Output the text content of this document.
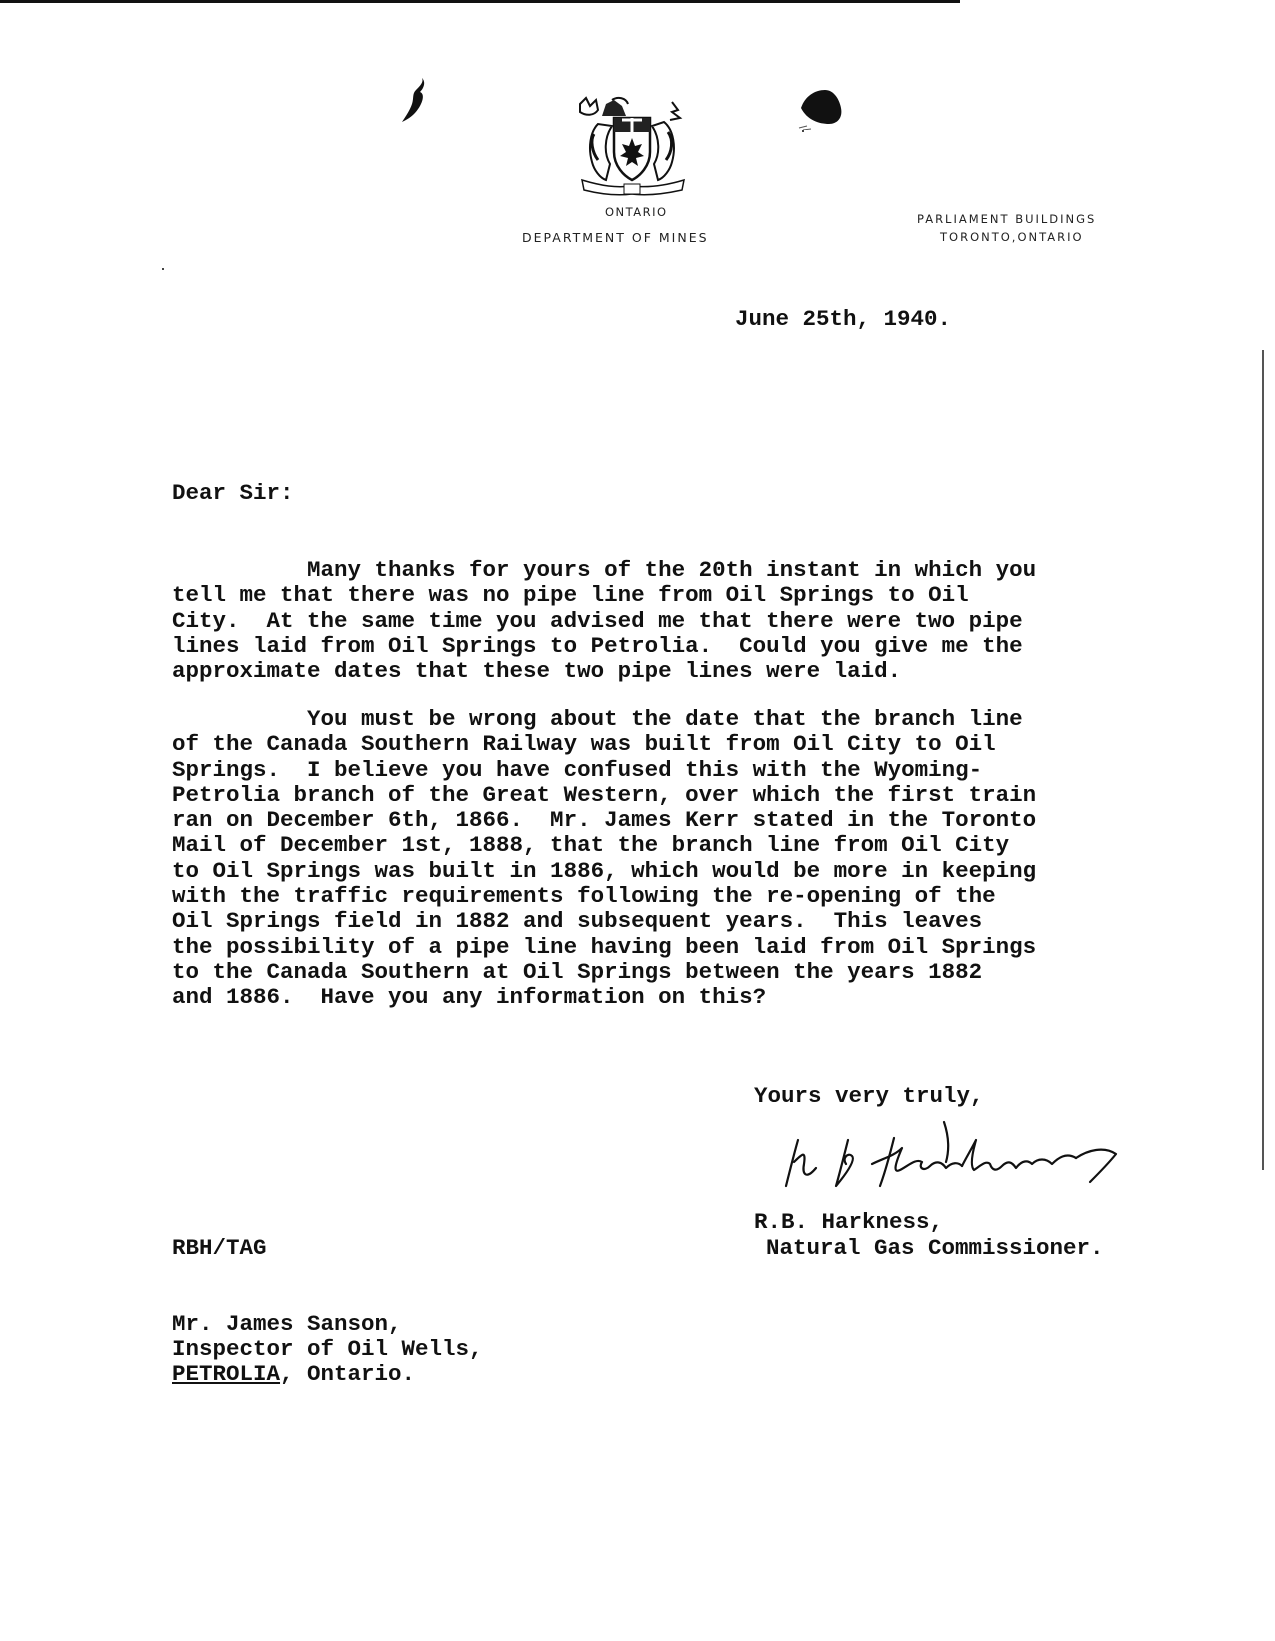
ONTARIO
DEPARTMENT OF MINES
PARLIAMENT BUILDINGS
TORONTO,ONTARIO
June 25th, 1940.
Dear Sir:
Many thanks for yours of the 20th instant in which you
tell me that there was no pipe line from Oil Springs to Oil
City.  At the same time you advised me that there were two pipe
lines laid from Oil Springs to Petrolia.  Could you give me the
approximate dates that these two pipe lines were laid.
You must be wrong about the date that the branch line
of the Canada Southern Railway was built from Oil City to Oil
Springs.  I believe you have confused this with the Wyoming-
Petrolia branch of the Great Western, over which the first train
ran on December 6th, 1866.  Mr. James Kerr stated in the Toronto
Mail of December 1st, 1888, that the branch line from Oil City
to Oil Springs was built in 1886, which would be more in keeping
with the traffic requirements following the re-opening of the
Oil Springs field in 1882 and subsequent years.  This leaves
the possibility of a pipe line having been laid from Oil Springs
to the Canada Southern at Oil Springs between the years 1882
and 1886.  Have you any information on this?
Yours very truly,
R.B. Harkness,
Natural Gas Commissioner.
RBH/TAG
Mr. James Sanson,
Inspector of Oil Wells,
PETROLIA, Ontario.
